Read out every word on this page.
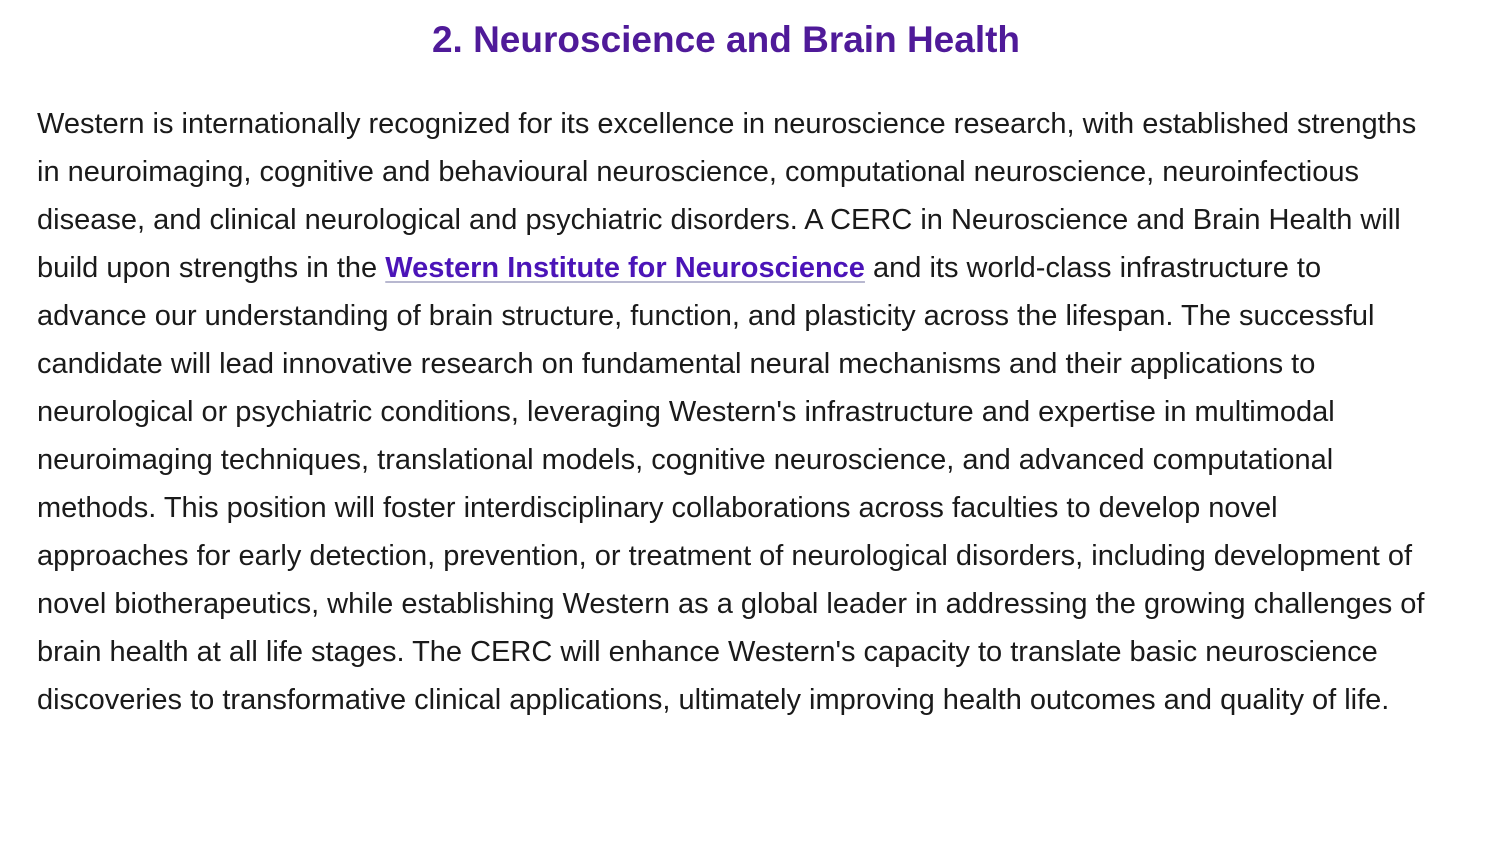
2. Neuroscience and Brain Health

Western is internationally recognized for its excellence in neuroscience research, with established strengths in neuroimaging, cognitive and behavioural neuroscience, computational neuroscience, neuroinfectious disease, and clinical neurological and psychiatric disorders. A CERC in Neuroscience and Brain Health will build upon strengths in the Western Institute for Neuroscience and its world-class infrastructure to advance our understanding of brain structure, function, and plasticity across the lifespan. The successful candidate will lead innovative research on fundamental neural mechanisms and their applications to neurological or psychiatric conditions, leveraging Western's infrastructure and expertise in multimodal neuroimaging techniques, translational models, cognitive neuroscience, and advanced computational methods. This position will foster interdisciplinary collaborations across faculties to develop novel approaches for early detection, prevention, or treatment of neurological disorders, including development of novel biotherapeutics, while establishing Western as a global leader in addressing the growing challenges of brain health at all life stages. The CERC will enhance Western's capacity to translate basic neuroscience discoveries to transformative clinical applications, ultimately improving health outcomes and quality of life.
